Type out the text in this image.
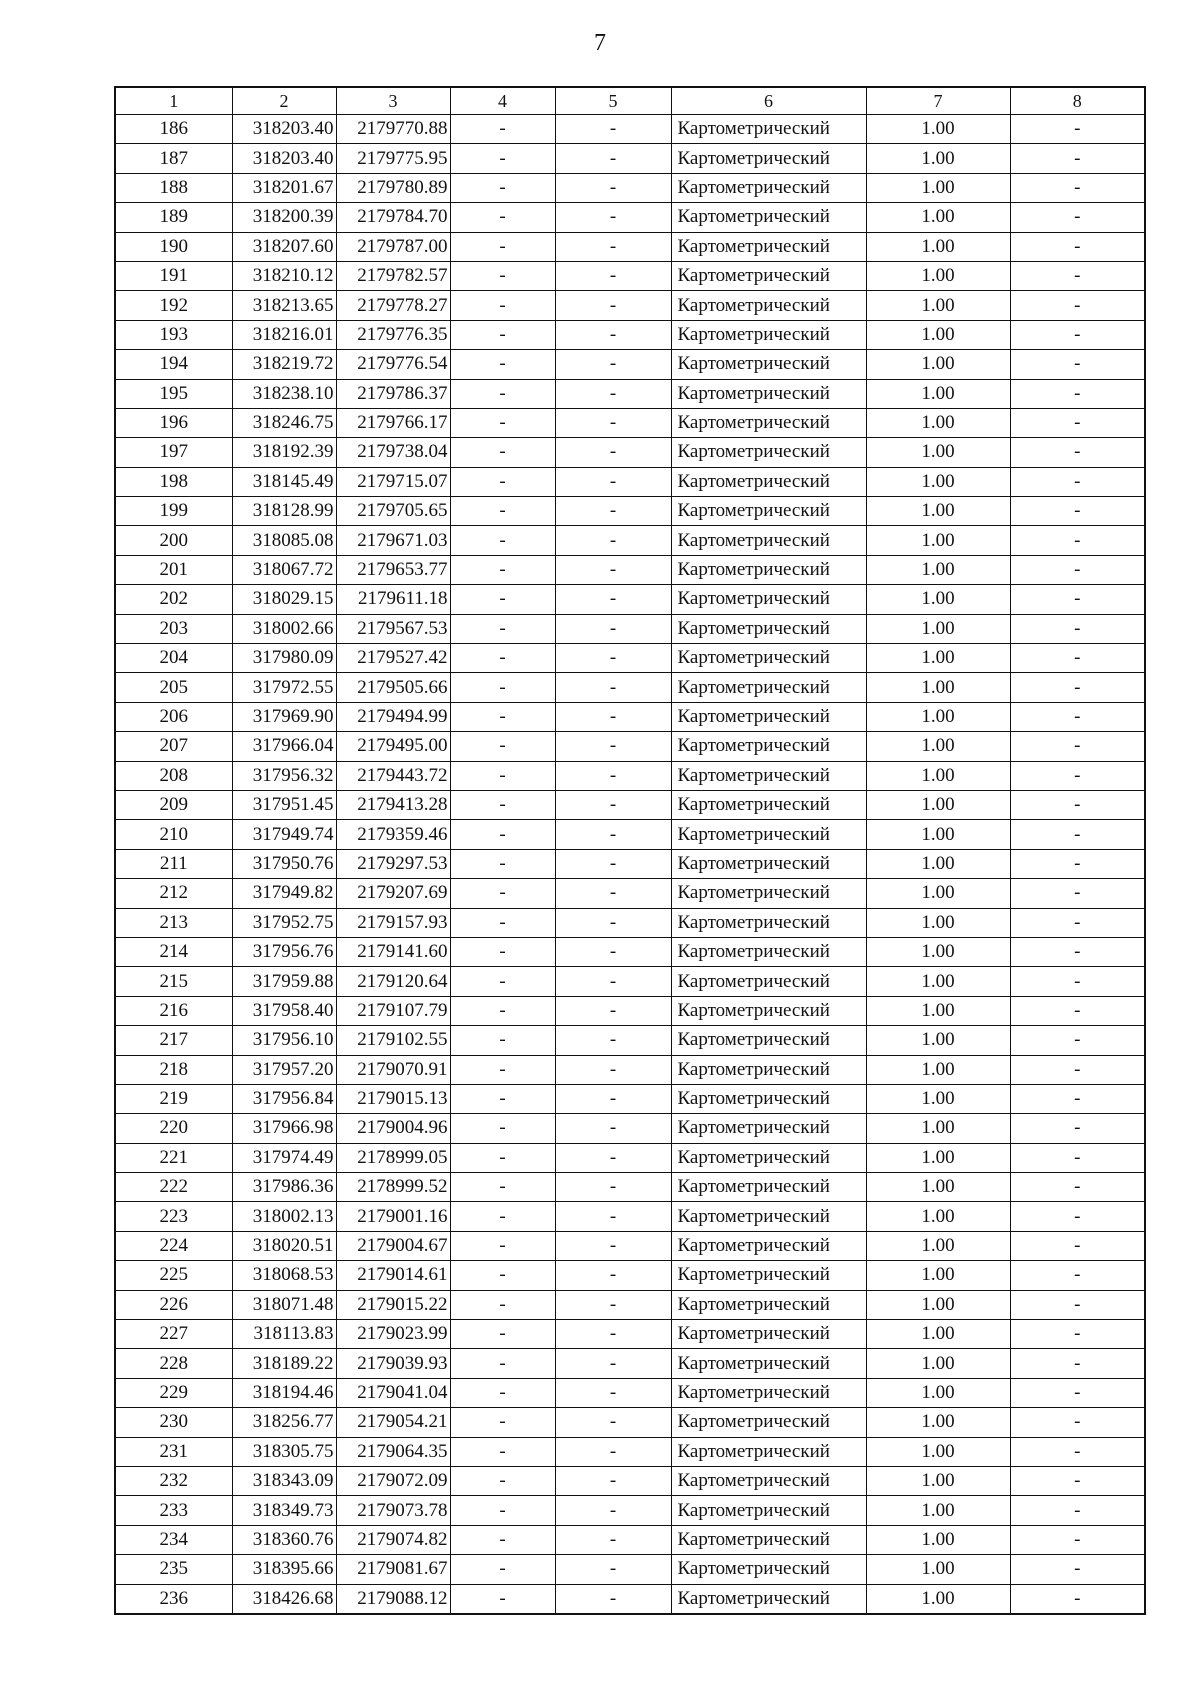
7
1	2	3	4	5	6	7	8
186	318203.40	2179770.88	-	-	Картометрический	1.00	-
187	318203.40	2179775.95	-	-	Картометрический	1.00	-
188	318201.67	2179780.89	-	-	Картометрический	1.00	-
189	318200.39	2179784.70	-	-	Картометрический	1.00	-
190	318207.60	2179787.00	-	-	Картометрический	1.00	-
191	318210.12	2179782.57	-	-	Картометрический	1.00	-
192	318213.65	2179778.27	-	-	Картометрический	1.00	-
193	318216.01	2179776.35	-	-	Картометрический	1.00	-
194	318219.72	2179776.54	-	-	Картометрический	1.00	-
195	318238.10	2179786.37	-	-	Картометрический	1.00	-
196	318246.75	2179766.17	-	-	Картометрический	1.00	-
197	318192.39	2179738.04	-	-	Картометрический	1.00	-
198	318145.49	2179715.07	-	-	Картометрический	1.00	-
199	318128.99	2179705.65	-	-	Картометрический	1.00	-
200	318085.08	2179671.03	-	-	Картометрический	1.00	-
201	318067.72	2179653.77	-	-	Картометрический	1.00	-
202	318029.15	2179611.18	-	-	Картометрический	1.00	-
203	318002.66	2179567.53	-	-	Картометрический	1.00	-
204	317980.09	2179527.42	-	-	Картометрический	1.00	-
205	317972.55	2179505.66	-	-	Картометрический	1.00	-
206	317969.90	2179494.99	-	-	Картометрический	1.00	-
207	317966.04	2179495.00	-	-	Картометрический	1.00	-
208	317956.32	2179443.72	-	-	Картометрический	1.00	-
209	317951.45	2179413.28	-	-	Картометрический	1.00	-
210	317949.74	2179359.46	-	-	Картометрический	1.00	-
211	317950.76	2179297.53	-	-	Картометрический	1.00	-
212	317949.82	2179207.69	-	-	Картометрический	1.00	-
213	317952.75	2179157.93	-	-	Картометрический	1.00	-
214	317956.76	2179141.60	-	-	Картометрический	1.00	-
215	317959.88	2179120.64	-	-	Картометрический	1.00	-
216	317958.40	2179107.79	-	-	Картометрический	1.00	-
217	317956.10	2179102.55	-	-	Картометрический	1.00	-
218	317957.20	2179070.91	-	-	Картометрический	1.00	-
219	317956.84	2179015.13	-	-	Картометрический	1.00	-
220	317966.98	2179004.96	-	-	Картометрический	1.00	-
221	317974.49	2178999.05	-	-	Картометрический	1.00	-
222	317986.36	2178999.52	-	-	Картометрический	1.00	-
223	318002.13	2179001.16	-	-	Картометрический	1.00	-
224	318020.51	2179004.67	-	-	Картометрический	1.00	-
225	318068.53	2179014.61	-	-	Картометрический	1.00	-
226	318071.48	2179015.22	-	-	Картометрический	1.00	-
227	318113.83	2179023.99	-	-	Картометрический	1.00	-
228	318189.22	2179039.93	-	-	Картометрический	1.00	-
229	318194.46	2179041.04	-	-	Картометрический	1.00	-
230	318256.77	2179054.21	-	-	Картометрический	1.00	-
231	318305.75	2179064.35	-	-	Картометрический	1.00	-
232	318343.09	2179072.09	-	-	Картометрический	1.00	-
233	318349.73	2179073.78	-	-	Картометрический	1.00	-
234	318360.76	2179074.82	-	-	Картометрический	1.00	-
235	318395.66	2179081.67	-	-	Картометрический	1.00	-
236	318426.68	2179088.12	-	-	Картометрический	1.00	-
